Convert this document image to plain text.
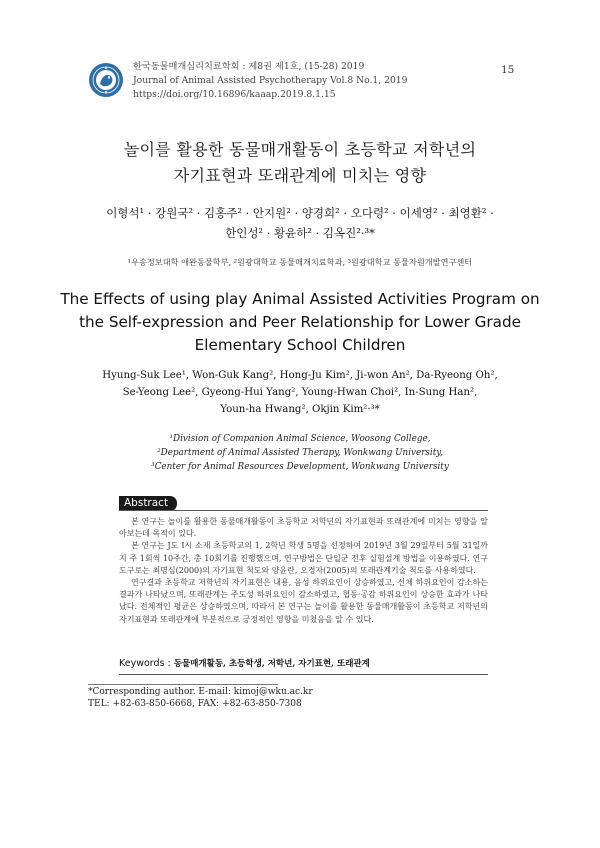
한국동물매개심리치료학회 : 제8권 제1호, (15-28) 2019
Journal of Animal Assisted Psychotherapy Vol.8 No.1, 2019
https://doi.org/10.16896/kaaap.2019.8.1.15
15
놀이를 활용한 동물매개활동이 초등학교 저학년의
자기표현과 또래관계에 미치는 영향
이형석¹ · 강원국² · 김홍주² · 안지원² · 양경희² · 오다령² · 이세영² · 최영환² ·
한인성² · 황윤하² · 김옥진²·³*
¹우송정보대학 애완동물학부, ²원광대학교 동물매개치료학과, ³원광대학교 동물자원개발연구센터
The Effects of using play Animal Assisted Activities Program on
the Self-expression and Peer Relationship for Lower Grade
Elementary School Children
Hyung-Suk Lee¹, Won-Guk Kang², Hong-Ju Kim², Ji-won An², Da-Ryeong Oh²,
Se-Yeong Lee², Gyeong-Hui Yang², Young-Hwan Choi², In-Sung Han²,
Youn-ha Hwang², Okjin Kim²·³*
¹Division of Companion Animal Science, Woosong College,
²Department of Animal Assisted Therapy, Wonkwang University,
³Center for Animal Resources Development, Wonkwang University
Abstract

본 연구는 놀이를 활용한 동물매개활동이 초등학교 저학년의 자기표현과 또래관계에 미치는 영향을 알아보는데 목적이 있다.

본 연구는 J도 I시 소재 초등학교의 1, 2학년 학생 5명을 선정하여 2019년 3월 29일부터 5월 31일까지 주 1회씩 10주간, 총 10회기를 진행했으며, 연구방법은 단일군 전후 실험설계 방법을 이용하였다. 연구도구로는 최명심(2000)의 자기표현 척도와 양윤란, 오경자(2005)의 또래관계기술 척도를 사용하였다.

연구결과 초등학교 저학년의 자기표현은 내용, 음성 하위요인이 상승하였고, 신체 하위요인이 감소하는 결과가 나타났으며, 또래관계는 주도성 하위요인이 감소하였고, 협동·공감 하위요인이 상승한 효과가 나타났다. 전체적인 평균은 상승하였으며, 따라서 본 연구는 놀이를 활용한 동물매개활동이 초등학교 저학년의 자기표현과 또래관계에 부분적으로 긍정적인 영향을 미쳤음을 알 수 있다.

Keywords : 동물매개활동, 초등학생, 저학년, 자기표현, 또래관계
*Corresponding author. E-mail: kimoj@wku.ac.kr
TEL: +82-63-850-6668, FAX: +82-63-850-7308
